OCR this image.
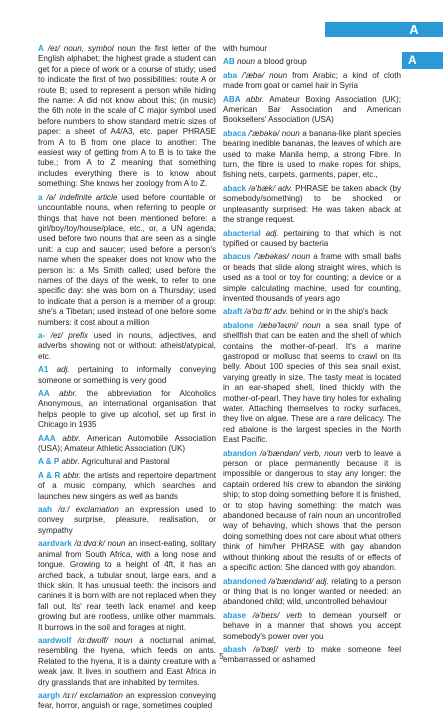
A
A

A /eɪ/ noun, symbol noun the first letter of the English alphabet; the highest grade a student can get for a piece of work or a course of study; used to indicate the first of two possibilities: route A or route B; used to represent a person while hiding the name: A did not know about this; (in music) the 6th note in the scale of C major symbol used before numbers to show standard metric sizes of paper: a sheet of A4/A3, etc. paper PHRASE from A to B from one place to another: The easiest way of getting from A to B is to take the tube.; from A to Z meaning that something includes everything there is to know about something: She knows her zoology from A to Z.

a /ə/ indefinite article used before countable or uncountable nouns, when referring to people or things that have not been mentioned before: a girl/boy/toy/house/place, etc., or, a UN agenda; used before two nouns that are seen as a single unit: a cup and saucer; used before a person's name when the speaker does not know who the person is: a Ms Smith called; used before the names of the days of the week, to refer to one specific day: she was born on a Thursday; used to indicate that a person is a member of a group: she's a Tibetan; used instead of one before some numbers: it cost about a million

a- /eɪ/ prefix used in nouns, adjectives, and adverbs showing not or without: atheist/atypical, etc.

A1 adj. pertaining to informally conveying someone or something is very good

AA abbr. the abbreviation for Alcoholics Anonymous, an international organisation that helps people to give up alcohol, set up first in Chicago in 1935

AAA abbr. American Automobile Association (USA); Amateur Athletic Association (UK)

A & P abbr. Agricultural and Pastoral

A & R abbr. the artists and repertoire department of a music company, which searches and launches new singers as well as bands

aah /ɑː/ exclamation an expression used to convey surprise, pleasure, realisation, or sympathy

aardvark /ɑːdvɑːk/ noun an insect-eating, solitary animal from South Africa, with a long nose and tongue. Growing to a height of 4ft, it has an arched back, a tubular snout, large ears, and a thick skin. It has unusual teeth: the incisors and canines it is born with are not replaced when they fall out. Its' rear teeth lack enamel and keep growing but are rootless, unlike other mammals. It burrows in the soil and forages at night.

aardwolf /ɑːdwʊlf/ noun a nocturnal animal, resembling the hyena, which feeds on ants. Related to the hyena, it is a dainty creature with a weak jaw. It lives in southern and East Africa in dry grasslands that are inhabited by termites.

aargh /ɑːr/ exclamation an expression conveying fear, horror, anguish or rage, sometimes coupled

with humour

AB noun a blood group

aba /'æbə/ noun from Arabic; a kind of cloth made from goat or camel hair in Syria

ABA abbr. Amateur Boxing Association (UK); American Bar Association and American Booksellers' Association (USA)

abaca /'æbəkə/ noun a banana-like plant species bearing inedible bananas, the leaves of which are used to make Manila hemp, a strong Fibre. In turn, the fibre is used to make ropes for ships, fishing nets, carpets, garments, paper, etc.,

aback /ə'bæk/ adv. PHRASE be taken aback (by somebody/something) to be shocked or unpleasantly surprised: He was taken aback at the strange request.

abacterial adj. pertaining to that which is not typified or caused by bacteria

abacus /'æbəkəs/ noun a frame with small balls or beads that slide along straight wires, which is used as a tool or toy for counting; a device or a simple calculating machine, used for counting, invented thousands of years ago

abaft /ə'bɑːft/ adv. behind or in the ship's back

abalone /æbə'ləʊni/ noun a sea snail type of shellfish that can be eaten and the shell of which contains the mother-of-pearl. It's a marine gastropod or mollusc that seems to crawl on its belly. About 100 species of this sea snail exist, varying greatly in size. The tasty meat is located in an ear-shaped shell, lined thickly with the mother-of-pearl. They have tiny holes for exhaling water. Attaching themselves to rocky surfaces, they live on algae. These are a rare delicacy. The red abalone is the largest species in the North East Pacific.

abandon /ə'bændən/ verb, noun verb to leave a person or place permanently because it is impossible or dangerous to stay any longer: the captain ordered his crew to abandon the sinking ship; to stop doing something before it is finished, or to stop having something: the match was abandoned because of rain noun an uncontrolled way of behaving, which shows that the person doing something does not care about what others think of him/her PHRASE with gay abandon without thinking about the results of or effects of a specific action: She danced with goy abandon.

abandoned /ə'bændənd/ adj. relating to a person or thing that is no longer wanted or needed: an abandoned child; wild, uncontrolled behaviour

abase /ə'beɪs/ verb to demean yourself or behave in a manner that shows you accept somebody's power over you

abash /ə'bæʃ/ verb to make someone feel embarrassed or ashamed

5
